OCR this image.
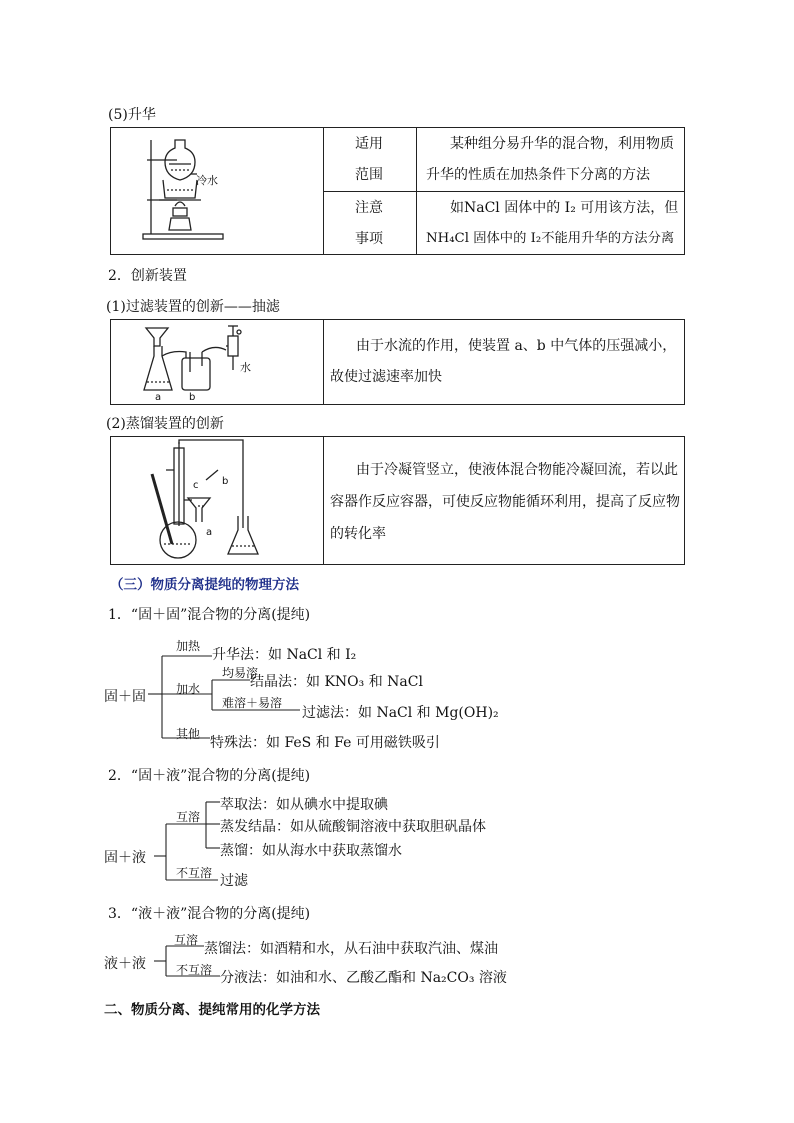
(5)升华
冷水
适用
范围
某种组分易升华的混合物，利用物质
升华的性质在加热条件下分离的方法
注意
事项
如NaCl 固体中的 I₂ 可用该方法，但
NH₄Cl 固体中的 I₂不能用升华的方法分离
2．创新装置
(1)过滤装置的创新——抽滤
a	b
水
由于水流的作用，使装置 a、b 中气体的压强减小，
故使过滤速率加快
(2)蒸馏装置的创新
a
b
c
由于冷凝管竖立，使液体混合物能冷凝回流，若以此
容器作反应容器，可使反应物能循环利用，提高了反应物
的转化率
（三）物质分离提纯的物理方法
1．“固＋固”混合物的分离(提纯)
固＋固
加热
升华法：如 NaCl 和 I₂
加水
均易溶
结晶法：如 KNO₃ 和 NaCl
难溶＋易溶
过滤法：如 NaCl 和 Mg(OH)₂
其他
特殊法：如 FeS 和 Fe 可用磁铁吸引
2．“固＋液”混合物的分离(提纯)
固＋液
互溶
萃取法：如从碘水中提取碘
蒸发结晶：如从硫酸铜溶液中获取胆矾晶体
蒸馏：如从海水中获取蒸馏水
不互溶 过滤
3．“液＋液”混合物的分离(提纯)
液＋液
互溶
蒸馏法：如酒精和水，从石油中获取汽油、煤油
不互溶 分液法：如油和水、乙酸乙酯和 Na₂CO₃ 溶液
二、物质分离、提纯常用的化学方法
